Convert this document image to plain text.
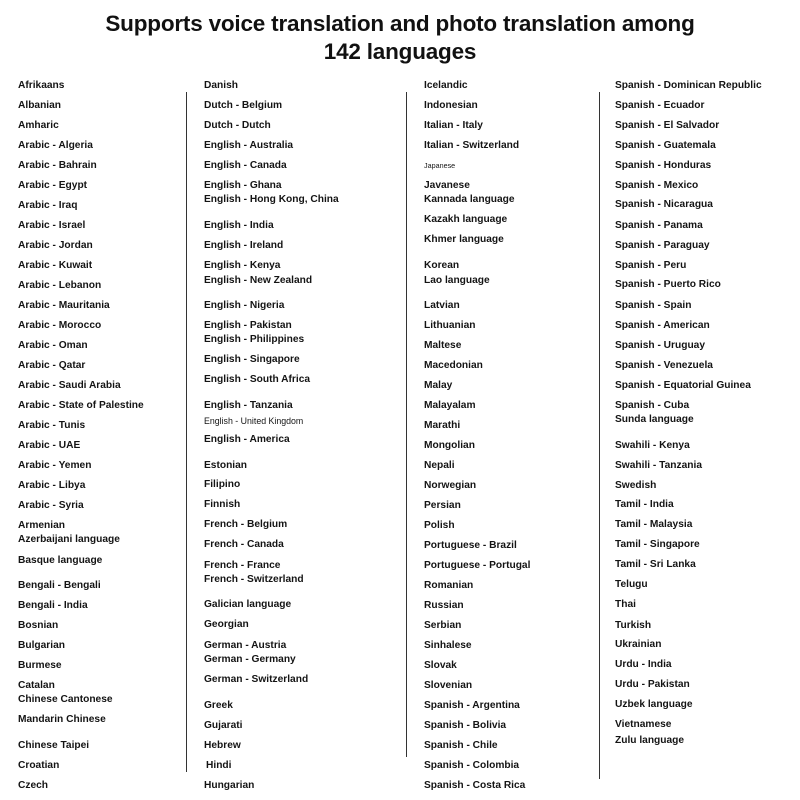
Supports voice translation and photo translation among
142 languages
Afrikaans
Albanian
Amharic
Arabic - Algeria
Arabic - Bahrain
Arabic - Egypt
Arabic - Iraq
Arabic - Israel
Arabic - Jordan
Arabic - Kuwait
Arabic - Lebanon
Arabic - Mauritania
Arabic - Morocco
Arabic - Oman
Arabic - Qatar
Arabic - Saudi Arabia
Arabic - State of Palestine
Arabic - Tunis
Arabic - UAE
Arabic - Yemen
Arabic - Libya
Arabic - Syria
Armenian
Azerbaijani language
Basque language
Bengali - Bengali
Bengali - India
Bosnian
Bulgarian
Burmese
Catalan
Chinese Cantonese
Mandarin Chinese
Chinese Taipei
Croatian
Czech
Danish
Dutch - Belgium
Dutch - Dutch
English - Australia
English - Canada
English - Ghana
English - Hong Kong, China
English - India
English - Ireland
English - Kenya
English - New Zealand
English - Nigeria
English - Pakistan
English - Philippines
English - Singapore
English - South Africa
English - Tanzania
English - United Kingdom
English - America
Estonian
Filipino
Finnish
French - Belgium
French - Canada
French - France
French - Switzerland
Galician language
Georgian
German - Austria
German - Germany
German - Switzerland
Greek
Gujarati
Hebrew
Hindi
Hungarian
Icelandic
Indonesian
Italian - Italy
Italian - Switzerland
Japanese
Javanese
Kannada language
Kazakh language
Khmer language
Korean
Lao language
Latvian
Lithuanian
Maltese
Macedonian
Malay
Malayalam
Marathi
Mongolian
Nepali
Norwegian
Persian
Polish
Portuguese - Brazil
Portuguese - Portugal
Romanian
Russian
Serbian
Sinhalese
Slovak
Slovenian
Spanish - Argentina
Spanish - Bolivia
Spanish - Chile
Spanish - Colombia
Spanish - Costa Rica
Spanish - Dominican Republic
Spanish - Ecuador
Spanish - El Salvador
Spanish - Guatemala
Spanish - Honduras
Spanish - Mexico
Spanish - Nicaragua
Spanish - Panama
Spanish - Paraguay
Spanish - Peru
Spanish - Puerto Rico
Spanish - Spain
Spanish - American
Spanish - Uruguay
Spanish - Venezuela
Spanish - Equatorial Guinea
Spanish - Cuba
Sunda language
Swahili - Kenya
Swahili - Tanzania
Swedish
Tamil - India
Tamil - Malaysia
Tamil - Singapore
Tamil - Sri Lanka
Telugu
Thai
Turkish
Ukrainian
Urdu - India
Urdu - Pakistan
Uzbek language
Vietnamese
Zulu language
